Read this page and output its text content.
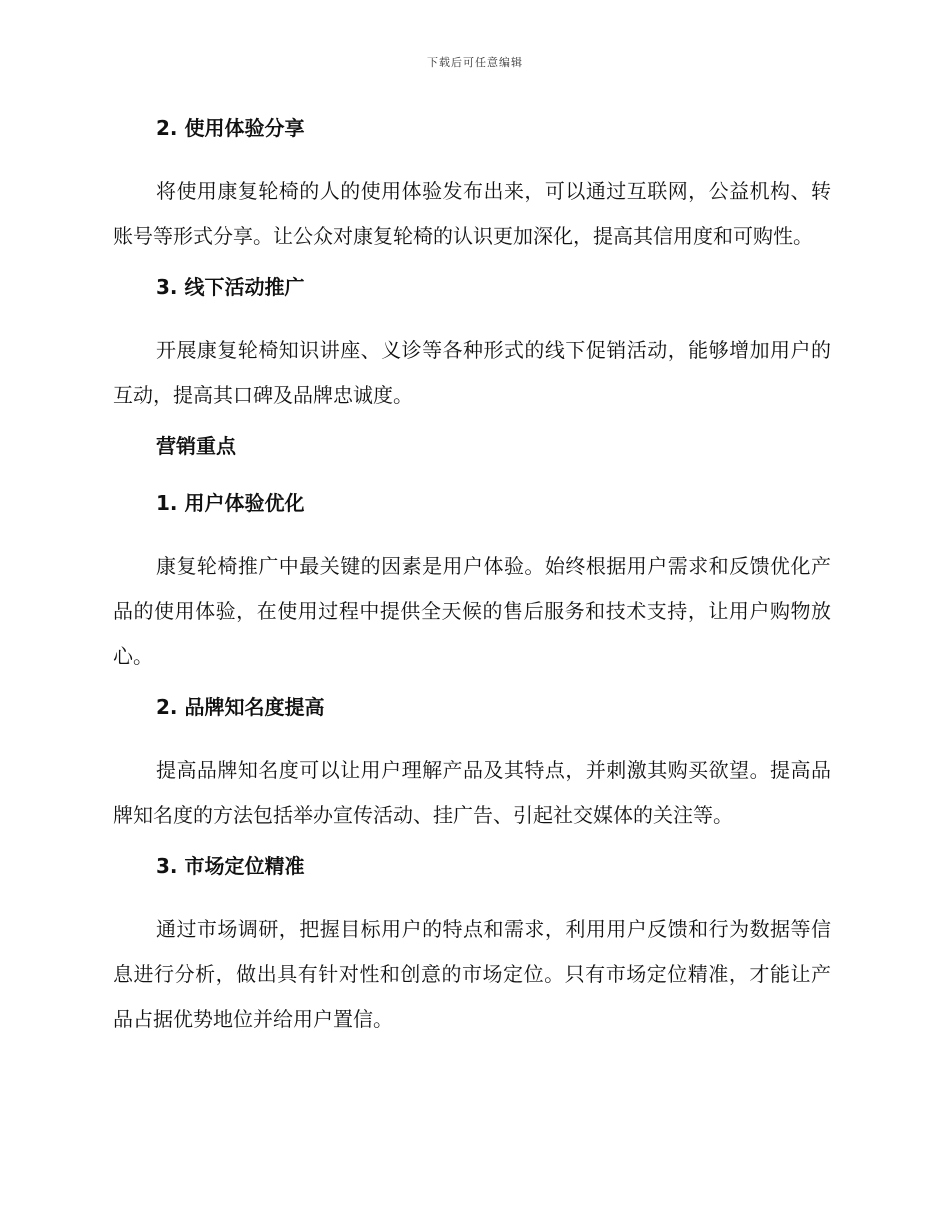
下载后可任意编辑
2. 使用体验分享
将使用康复轮椅的人的使用体验发布出来，可以通过互联网，公益机构、转账号等形式分享。让公众对康复轮椅的认识更加深化，提高其信用度和可购性。
3. 线下活动推广
开展康复轮椅知识讲座、义诊等各种形式的线下促销活动，能够增加用户的互动，提高其口碑及品牌忠诚度。
营销重点
1. 用户体验优化
康复轮椅推广中最关键的因素是用户体验。始终根据用户需求和反馈优化产品的使用体验，在使用过程中提供全天候的售后服务和技术支持，让用户购物放心。
2. 品牌知名度提高
提高品牌知名度可以让用户理解产品及其特点，并刺激其购买欲望。提高品牌知名度的方法包括举办宣传活动、挂广告、引起社交媒体的关注等。
3. 市场定位精准
通过市场调研，把握目标用户的特点和需求，利用用户反馈和行为数据等信息进行分析，做出具有针对性和创意的市场定位。只有市场定位精准，才能让产品占据优势地位并给用户置信。
